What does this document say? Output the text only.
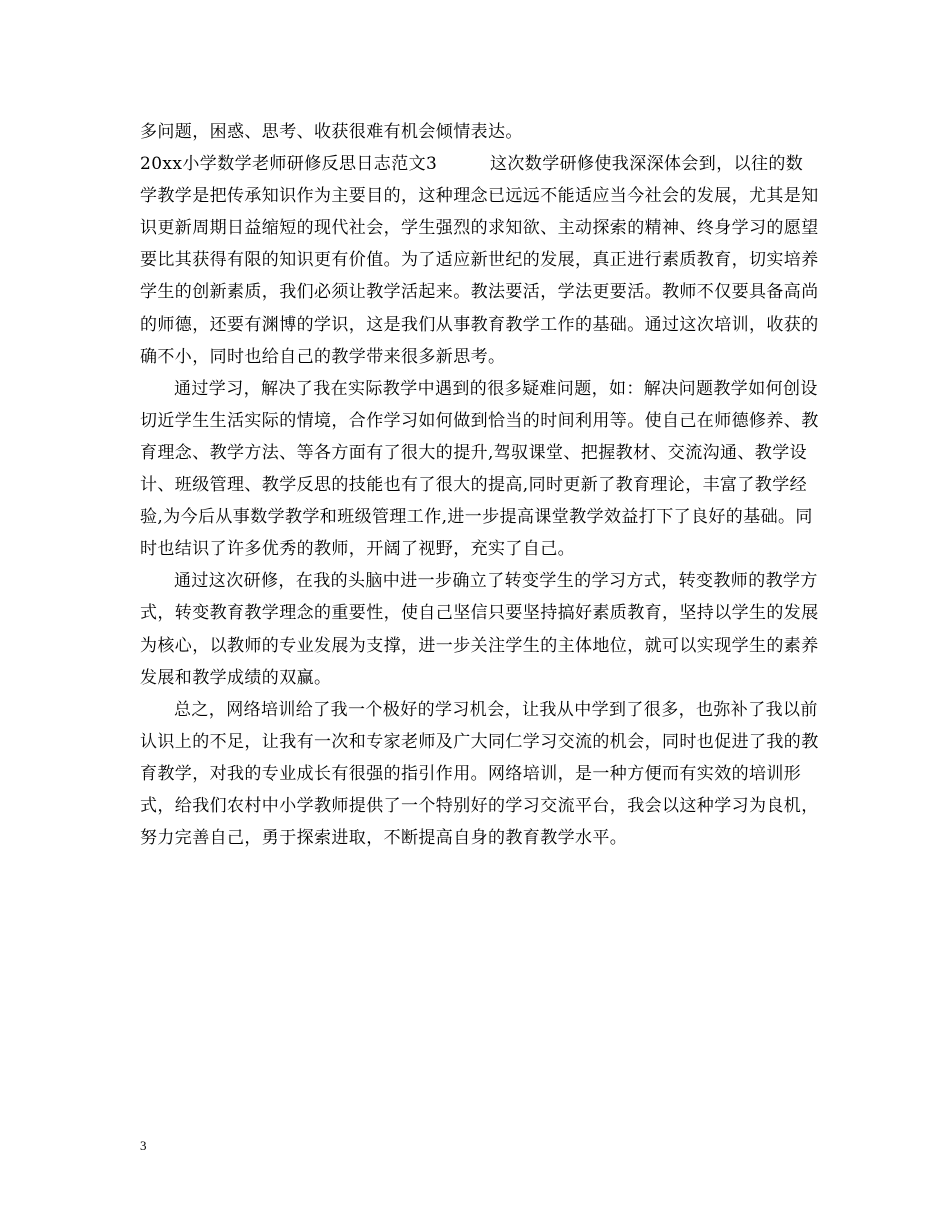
多问题，困惑、思考、收获很难有机会倾情表达。

20xx小学数学老师研修反思日志范文3	这次数学研修使我深深体会到，以往的数学教学是把传承知识作为主要目的，这种理念已远远不能适应当今社会的发展，尤其是知识更新周期日益缩短的现代社会，学生强烈的求知欲、主动探索的精神、终身学习的愿望要比其获得有限的知识更有价值。为了适应新世纪的发展，真正进行素质教育，切实培养学生的创新素质，我们必须让教学活起来。教法要活，学法更要活。教师不仅要具备高尚的师德，还要有渊博的学识，这是我们从事教育教学工作的基础。通过这次培训，收获的确不小，同时也给自己的教学带来很多新思考。

通过学习，解决了我在实际教学中遇到的很多疑难问题，如：解决问题教学如何创设切近学生生活实际的情境，合作学习如何做到恰当的时间利用等。使自己在师德修养、教育理念、教学方法、等各方面有了很大的提升,驾驭课堂、把握教材、交流沟通、教学设计、班级管理、教学反思的技能也有了很大的提高,同时更新了教育理论，丰富了教学经验,为今后从事数学教学和班级管理工作,进一步提高课堂教学效益打下了良好的基础。同时也结识了许多优秀的教师，开阔了视野，充实了自己。

通过这次研修，在我的头脑中进一步确立了转变学生的学习方式，转变教师的教学方式，转变教育教学理念的重要性，使自己坚信只要坚持搞好素质教育，坚持以学生的发展为核心，以教师的专业发展为支撑，进一步关注学生的主体地位，就可以实现学生的素养发展和教学成绩的双赢。

总之，网络培训给了我一个极好的学习机会，让我从中学到了很多，也弥补了我以前认识上的不足，让我有一次和专家老师及广大同仁学习交流的机会，同时也促进了我的教育教学，对我的专业成长有很强的指引作用。网络培训，是一种方便而有实效的培训形式，给我们农村中小学教师提供了一个特别好的学习交流平台，我会以这种学习为良机，努力完善自己，勇于探索进取，不断提高自身的教育教学水平。

3
